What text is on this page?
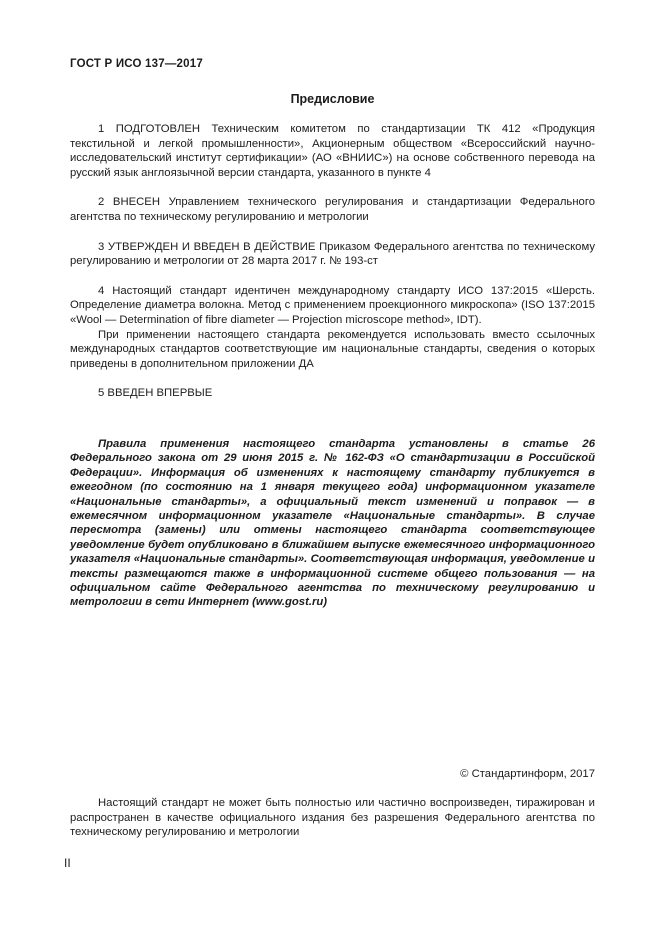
ГОСТ Р ИСО 137—2017
Предисловие

1 ПОДГОТОВЛЕН Техническим комитетом по стандартизации ТК 412 «Продукция текстильной и легкой промышленности», Акционерным обществом «Всероссийский научно-исследовательский институт сертификации» (АО «ВНИИС») на основе собственного перевода на русский язык англоязычной версии стандарта, указанного в пункте 4

2 ВНЕСЕН Управлением технического регулирования и стандартизации Федерального агентства по техническому регулированию и метрологии

3 УТВЕРЖДЕН И ВВЕДЕН В ДЕЙСТВИЕ Приказом Федерального агентства по техническому регулированию и метрологии от 28 марта 2017 г. № 193-ст

4 Настоящий стандарт идентичен международному стандарту ИСО 137:2015 «Шерсть. Определение диаметра волокна. Метод с применением проекционного микроскопа» (ISO 137:2015 «Wool — Determination of fibre diameter — Projection microscope method», IDT).

При применении настоящего стандарта рекомендуется использовать вместо ссылочных международных стандартов соответствующие им национальные стандарты, сведения о которых приведены в дополнительном приложении ДА

5 ВВЕДЕН ВПЕРВЫЕ

Правила применения настоящего стандарта установлены в статье 26 Федерального закона от 29 июня 2015 г. № 162-ФЗ «О стандартизации в Российской Федерации». Информация об изменениях к настоящему стандарту публикуется в ежегодном (по состоянию на 1 января текущего года) информационном указателе «Национальные стандарты», а официальный текст изменений и поправок — в ежемесячном информационном указателе «Национальные стандарты». В случае пересмотра (замены) или отмены настоящего стандарта соответствующее уведомление будет опубликовано в ближайшем выпуске ежемесячного информационного указателя «Национальные стандарты». Соответствующая информация, уведомление и тексты размещаются также в информационной системе общего пользования — на официальном сайте Федерального агентства по техническому регулированию и метрологии в сети Интернет (www.gost.ru)

© Стандартинформ, 2017

Настоящий стандарт не может быть полностью или частично воспроизведен, тиражирован и распространен в качестве официального издания без разрешения Федерального агентства по техническому регулированию и метрологии

II
